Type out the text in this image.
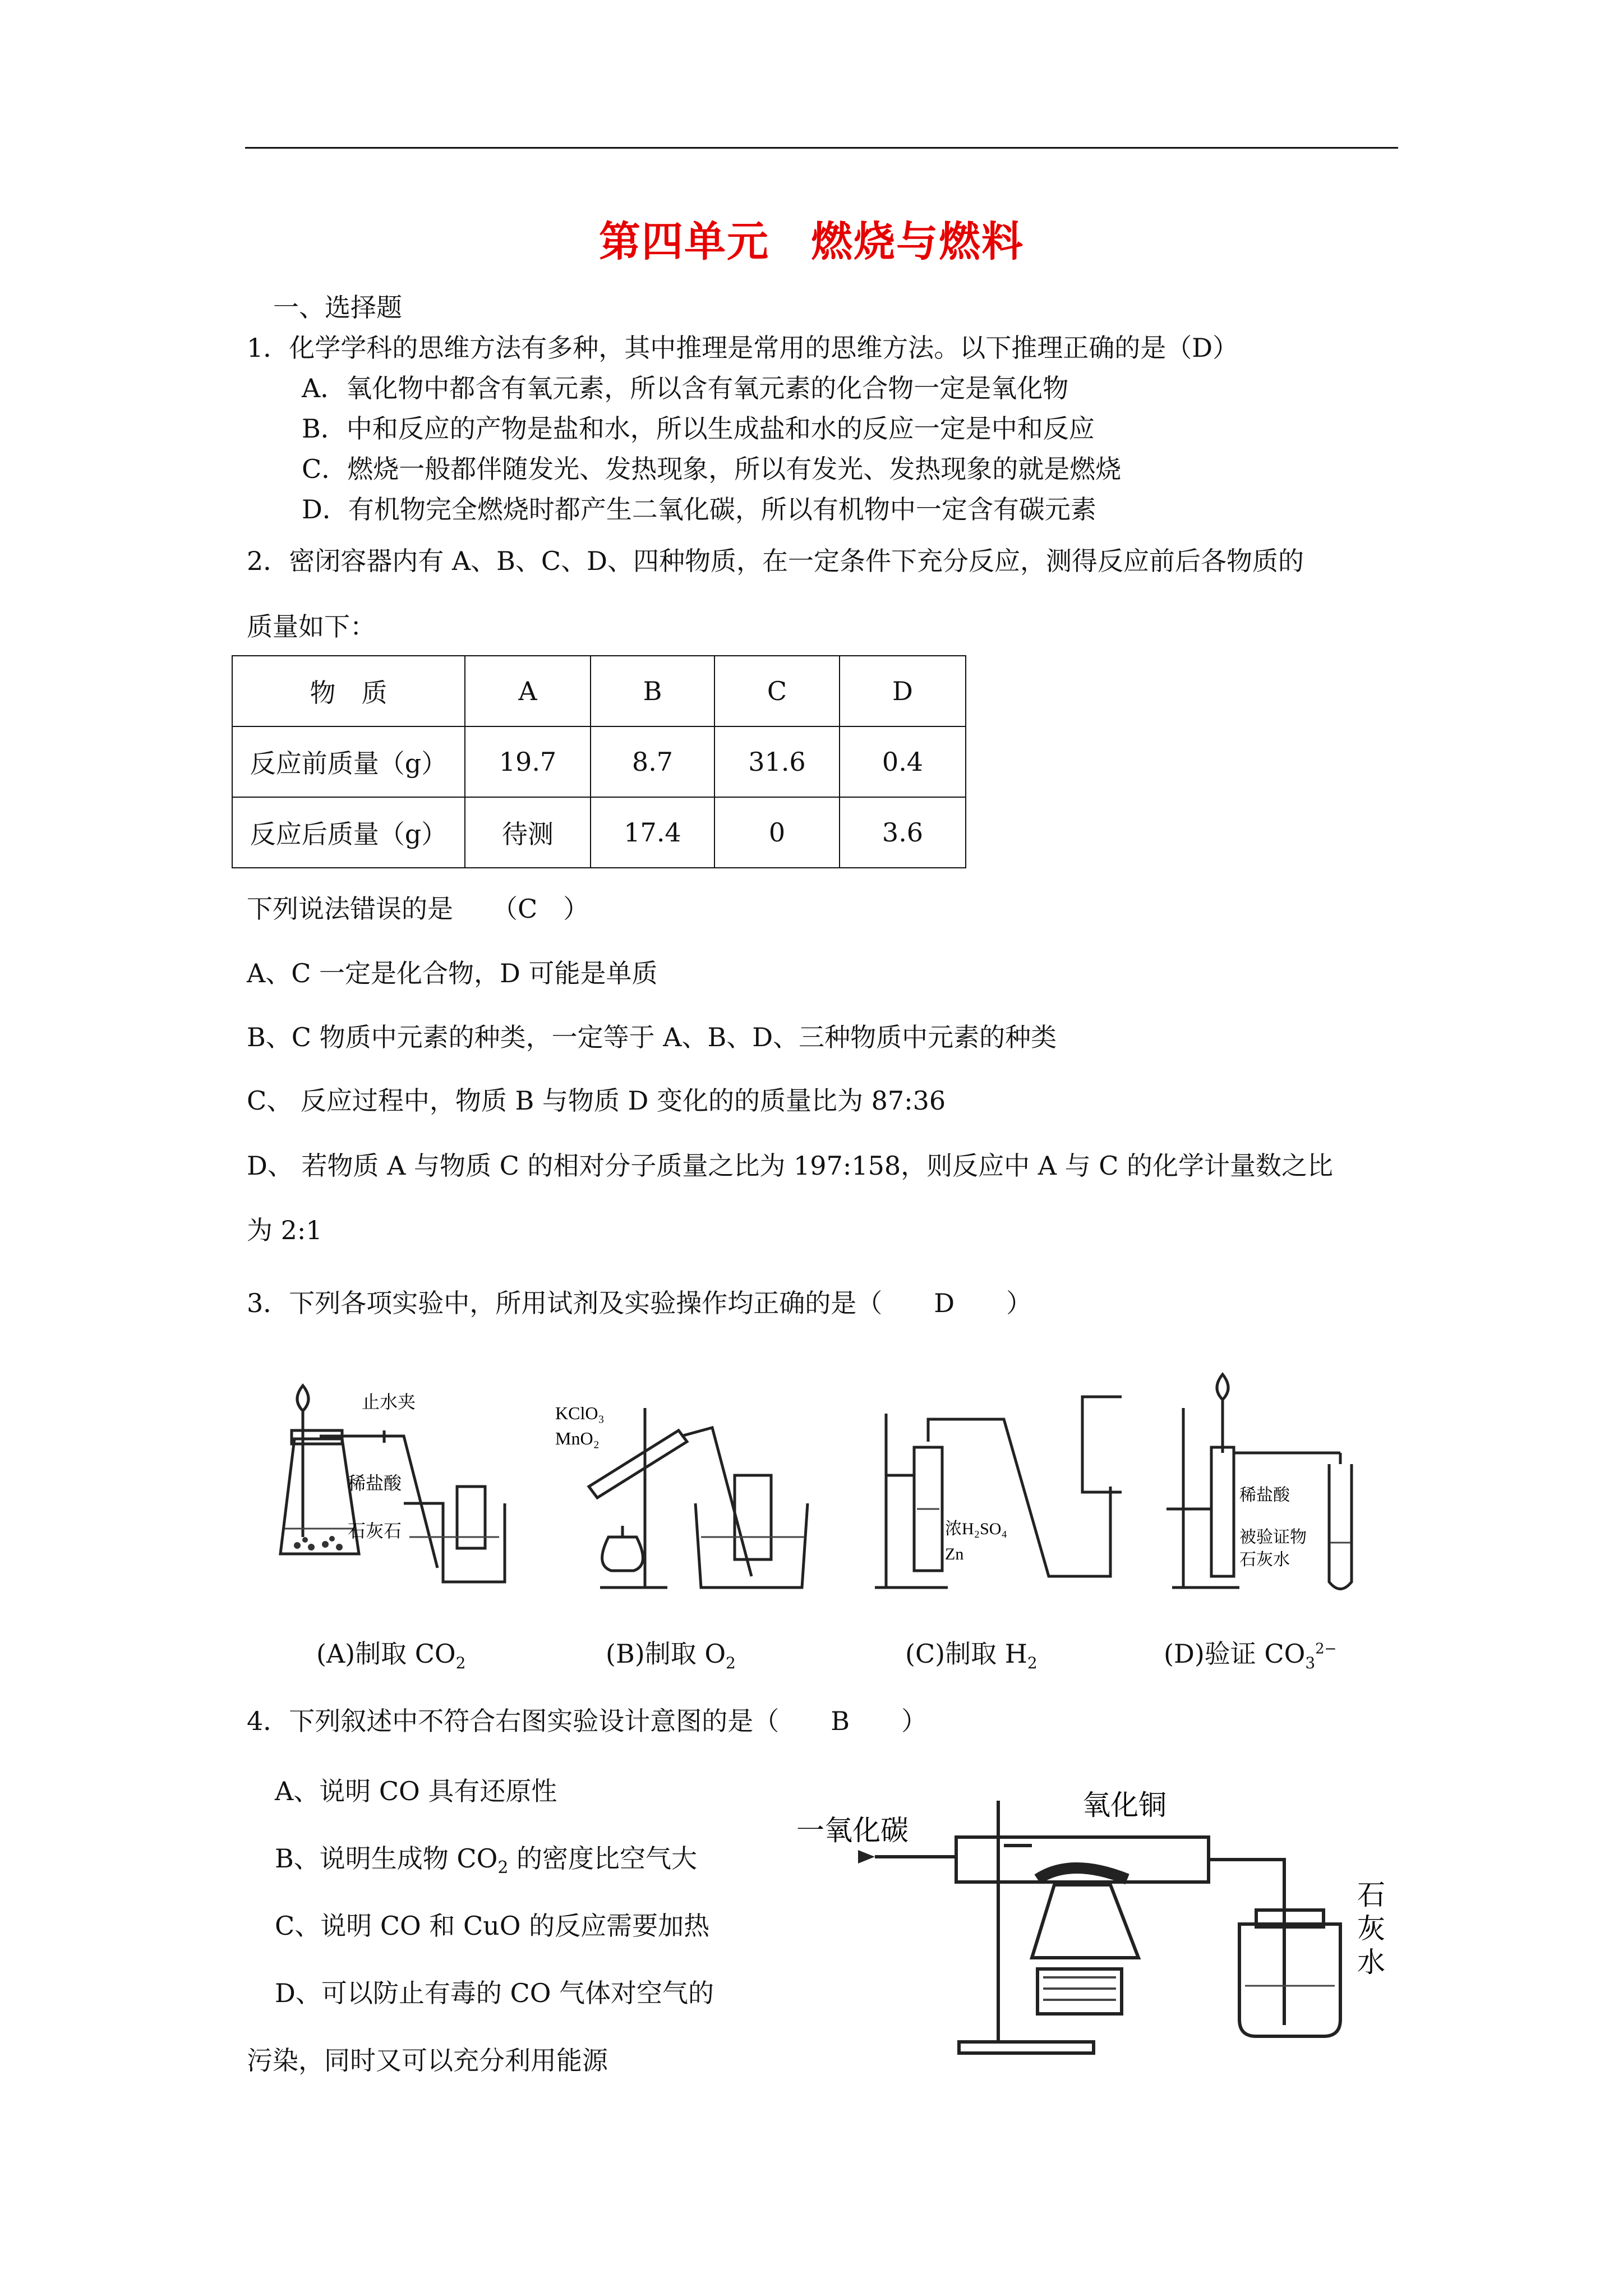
第四单元 燃烧与燃料
一、选择题
1．化学学科的思维方法有多种，其中推理是常用的思维方法。以下推理正确的是（D）
A．氧化物中都含有氧元素，所以含有氧元素的化合物一定是氧化物
B．中和反应的产物是盐和水，所以生成盐和水的反应一定是中和反应
C．燃烧一般都伴随发光、发热现象，所以有发光、发热现象的就是燃烧
D．有机物完全燃烧时都产生二氧化碳，所以有机物中一定含有碳元素
2．密闭容器内有 A、B、C、D、四种物质，在一定条件下充分反应，测得反应前后各物质的
质量如下：
物　质	A	B	C	D
反应前质量（g）	19.7	8.7	31.6	0.4
反应后质量（g）	待测	17.4	0	3.6
下列说法错误的是　　（C　）
A、C 一定是化合物，D 可能是单质
B、C 物质中元素的种类，一定等于 A、B、D、三种物质中元素的种类
C、 反应过程中，物质 B 与物质 D 变化的的质量比为 87:36
D、 若物质 A 与物质 C 的相对分子质量之比为 197:158，则反应中 A 与 C 的化学计量数之比
为 2:1
3．下列各项实验中，所用试剂及实验操作均正确的是（　　D　　）
止水夹
稀盐酸
石灰石
(A)制取 $CO_2$
KClO₃
MnO₂
(B)制取 $O_2$
浓H₂SO₄
Zn
(C)制取 $H_2$
稀盐酸
被验证物
石灰水
(D)验证 $CO_3^{2-}$
4．下列叙述中不符合右图实验设计意图的是（　　B　　）
A、说明 CO 具有还原性
B、说明生成物 $CO_2$ 的密度比空气大
C、说明 CO 和 CuO 的反应需要加热
D、可以防止有毒的 CO 气体对空气的
污染，同时又可以充分利用能源
一氧化碳
氧化铜
石
灰
水
